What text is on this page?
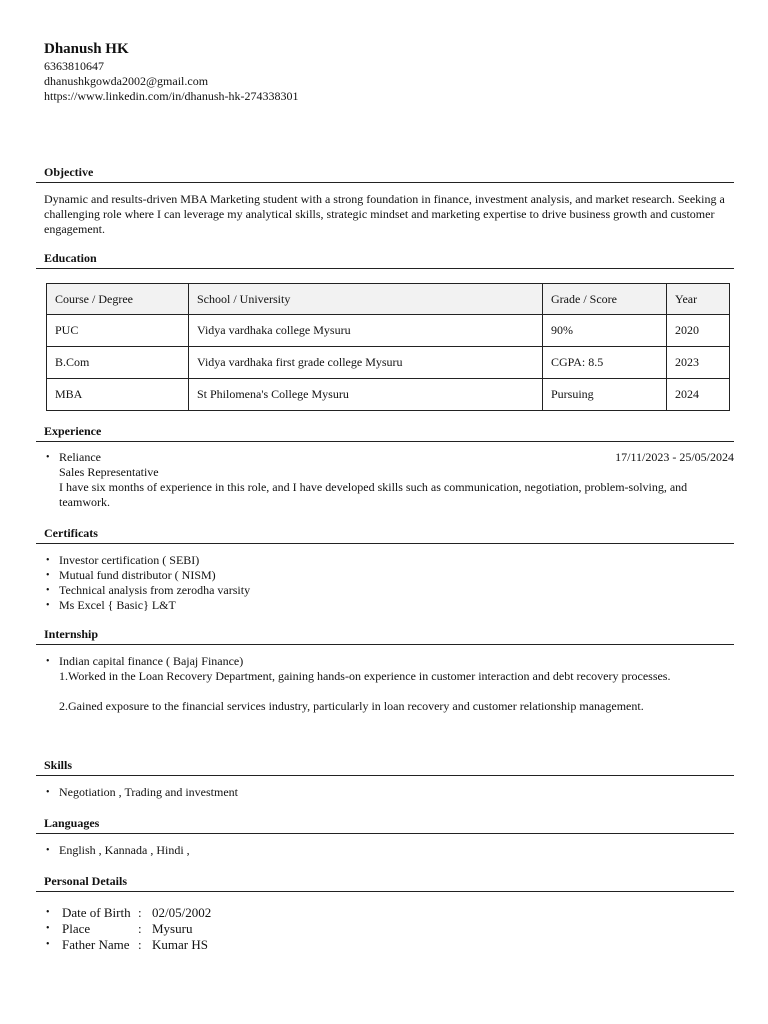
Dhanush HK
6363810647
dhanushkgowda2002@gmail.com
https://www.linkedin.com/in/dhanush-hk-274338301
Objective
Dynamic and results-driven MBA Marketing student with a strong foundation in finance, investment analysis, and market research. Seeking a challenging role where I can leverage my analytical skills, strategic mindset and marketing expertise to drive business growth and customer engagement.
Education
Course / Degree	School / University	Grade / Score	Year
PUC	Vidya vardhaka college Mysuru	90%	2020
B.Com	Vidya vardhaka first grade college Mysuru	CGPA: 8.5	2023
MBA	St Philomena's College Mysuru	Pursuing	2024
Experience
• Reliance	17/11/2023 - 25/05/2024
Sales Representative
I have six months of experience in this role, and I have developed skills such as communication, negotiation, problem-solving, and teamwork.
Certificats
• Investor certification ( SEBI)
• Mutual fund distributor ( NISM)
• Technical analysis from zerodha varsity
• Ms Excel { Basic} L&T
Internship
• Indian capital finance ( Bajaj Finance)
1.Worked in the Loan Recovery Department, gaining hands-on experience in customer interaction and debt recovery processes.
2.Gained exposure to the financial services industry, particularly in loan recovery and customer relationship management.
Skills
• Negotiation , Trading and investment
Languages
• English , Kannada , Hindi ,
Personal Details
• Date of Birth : 02/05/2002
• Place	: Mysuru
• Father Name : Kumar HS
